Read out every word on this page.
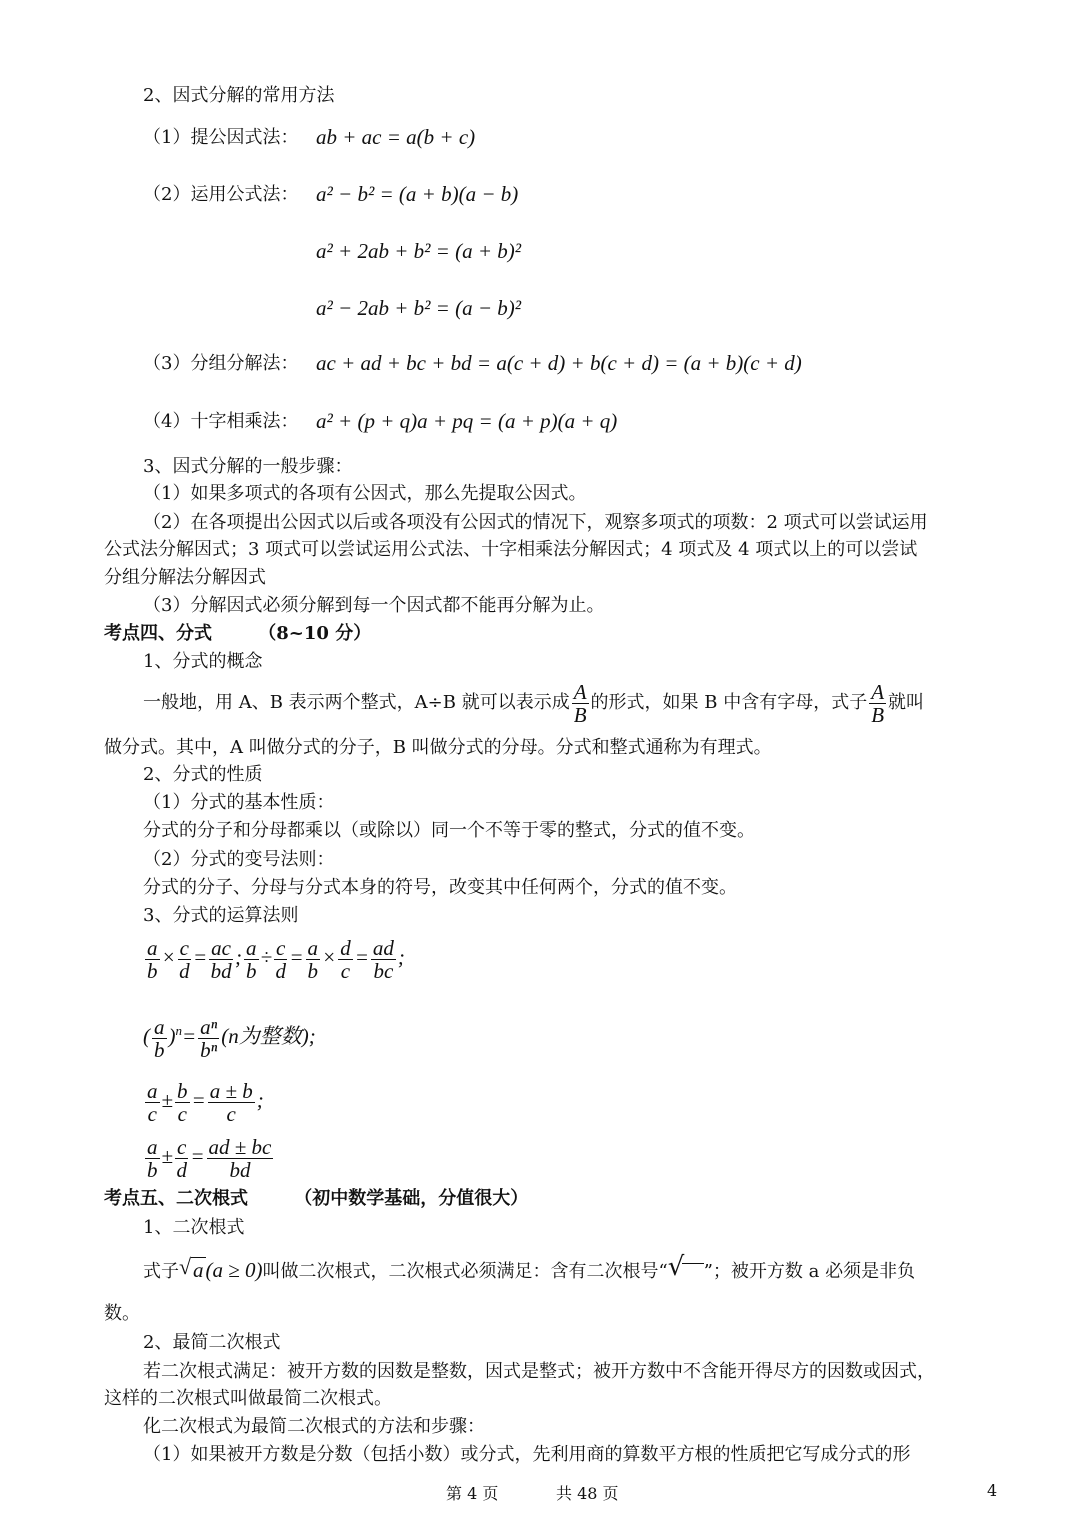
2、因式分解的常用方法
（1）提公因式法： ab + ac = a(b + c)
（2）运用公式法： a² − b² = (a + b)(a − b)
a² + 2ab + b² = (a + b)²
a² − 2ab + b² = (a − b)²
（3）分组分解法： ac + ad + bc + bd = a(c + d) + b(c + d) = (a + b)(c + d)
（4）十字相乘法： a² + (p + q)a + pq = (a + p)(a + q)
3、因式分解的一般步骤：
（1）如果多项式的各项有公因式，那么先提取公因式。
（2）在各项提出公因式以后或各项没有公因式的情况下，观察多项式的项数：2 项式可以尝试运用
公式法分解因式；3 项式可以尝试运用公式法、十字相乘法分解因式；4 项式及 4 项式以上的可以尝试
分组分解法分解因式
（3）分解因式必须分解到每一个因式都不能再分解为止。
考点四、分式	（8~10 分）
1、分式的概念
一般地，用 A、B 表示两个整式，A÷B 就可以表示成 $\frac{A}{B}$ 的形式，如果 B 中含有字母，式子 $\frac{A}{B}$ 就叫
做分式。其中，A 叫做分式的分子，B 叫做分式的分母。分式和整式通称为有理式。
2、分式的性质
（1）分式的基本性质：
分式的分子和分母都乘以（或除以）同一个不等于零的整式，分式的值不变。
（2）分式的变号法则：
分式的分子、分母与分式本身的符号，改变其中任何两个，分式的值不变。
3、分式的运算法则
$\frac{a}{b} \times \frac{c}{d} = \frac{ac}{bd}$ ; $\frac{a}{b} \div \frac{c}{d} = \frac{a}{b} \times \frac{d}{c} = \frac{ad}{bc}$ ;
( $\frac{a}{b} )^n= \frac{\text{aⁿ}}{\text{bⁿ}} (n$为整数);
$\frac{a}{c} \pm \frac{b}{c} = \frac{a \pm b}{c}$ ;
$\frac{a}{b} \pm \frac{c}{d} = \frac{ad \pm bc}{bd}$
考点五、二次根式	（初中数学基础，分值很大）
1、二次根式
式子 √ a(a ≥ 0)叫做二次根式，二次根式必须满足：含有二次根号“ √ ”；被开方数 a 必须是非负
数。
2、最简二次根式
若二次根式满足：被开方数的因数是整数，因式是整式；被开方数中不含能开得尽方的因数或因式，
这样的二次根式叫做最简二次根式。
化二次根式为最简二次根式的方法和步骤：
（1）如果被开方数是分数（包括小数）或分式，先利用商的算数平方根的性质把它写成分式的形
第 4 页	共 48 页	4
